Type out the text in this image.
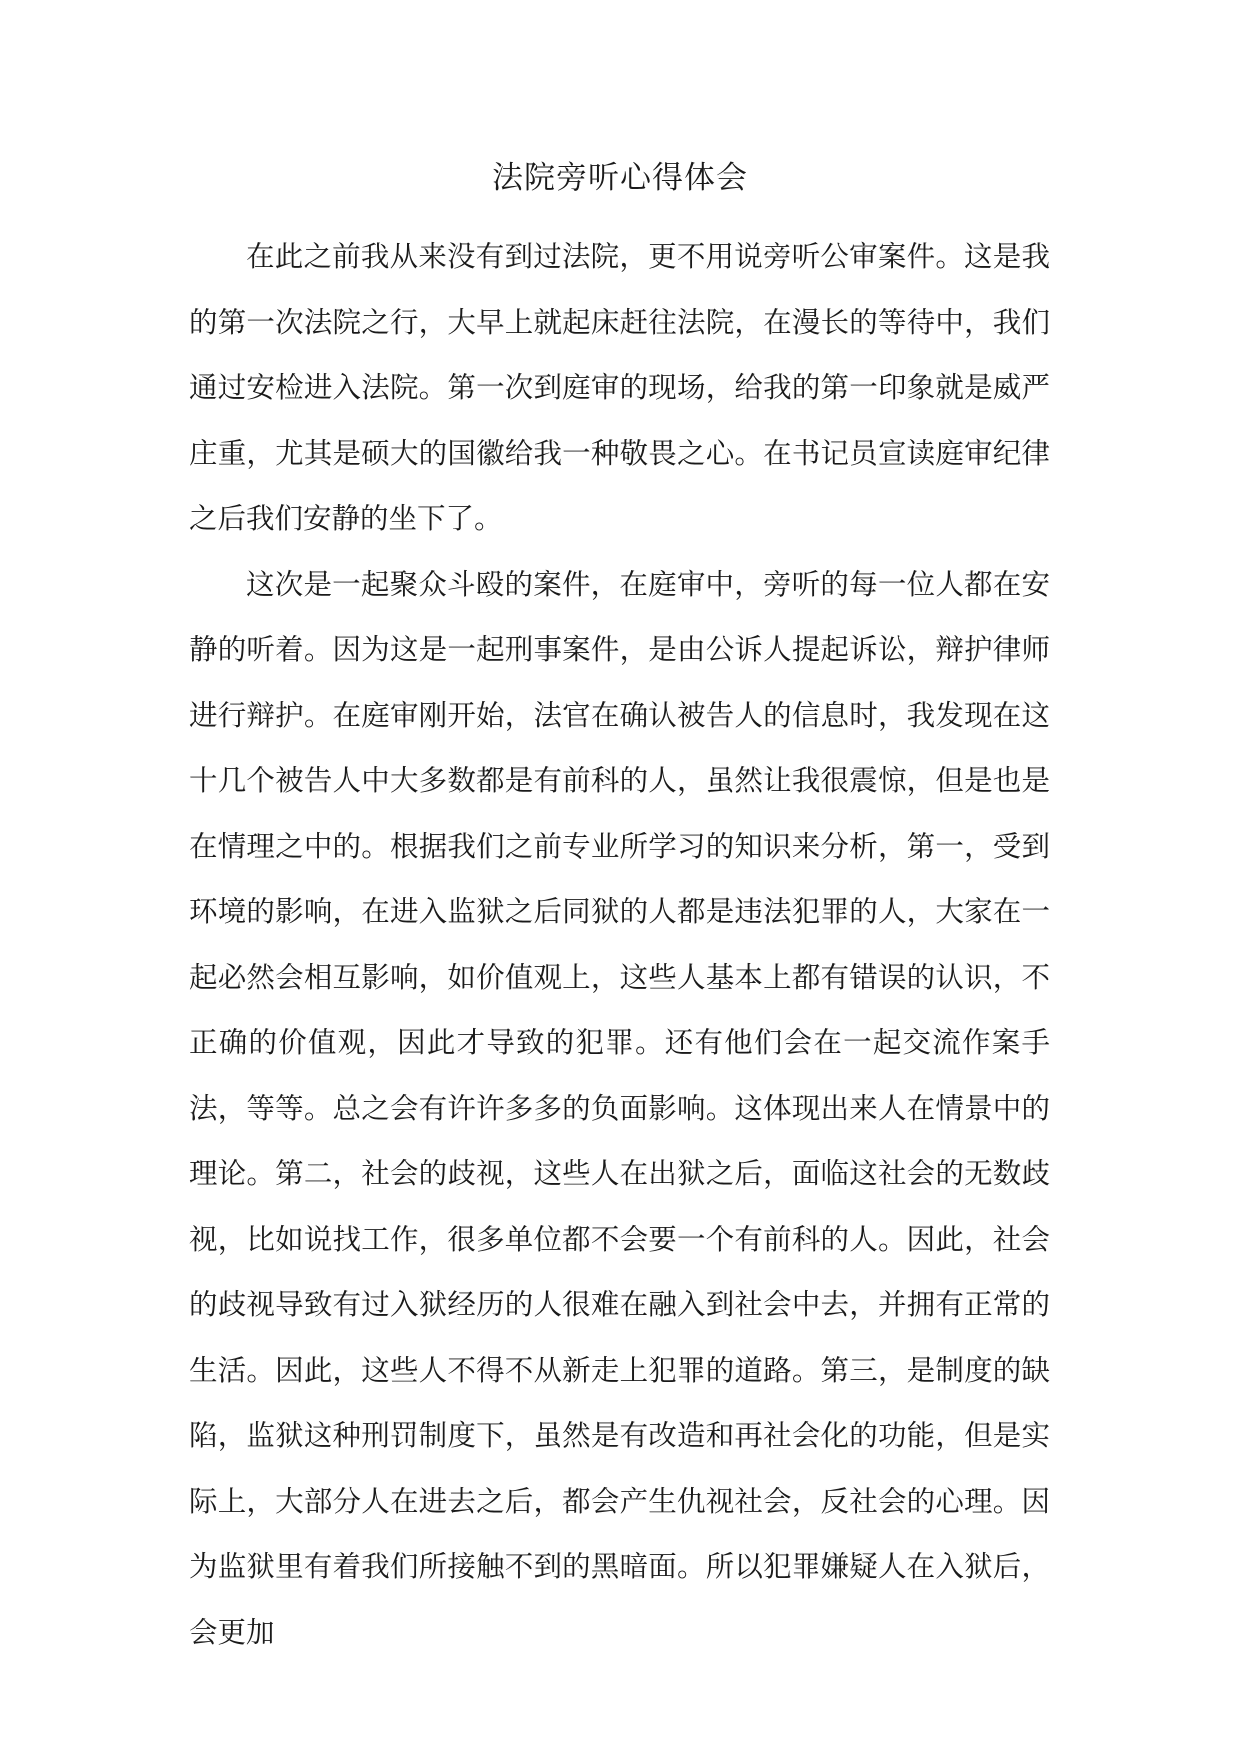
法院旁听心得体会

在此之前我从来没有到过法院，更不用说旁听公审案件。这是我的第一次法院之行，大早上就起床赶往法院，在漫长的等待中，我们通过安检进入法院。第一次到庭审的现场，给我的第一印象就是威严庄重，尤其是硕大的国徽给我一种敬畏之心。在书记员宣读庭审纪律之后我们安静的坐下了。

这次是一起聚众斗殴的案件，在庭审中，旁听的每一位人都在安静的听着。因为这是一起刑事案件，是由公诉人提起诉讼，辩护律师进行辩护。在庭审刚开始，法官在确认被告人的信息时，我发现在这十几个被告人中大多数都是有前科的人，虽然让我很震惊，但是也是在情理之中的。根据我们之前专业所学习的知识来分析，第一，受到环境的影响，在进入监狱之后同狱的人都是违法犯罪的人，大家在一起必然会相互影响，如价值观上，这些人基本上都有错误的认识，不正确的价值观，因此才导致的犯罪。还有他们会在一起交流作案手法，等等。总之会有许许多多的负面影响。这体现出来人在情景中的理论。第二，社会的歧视，这些人在出狱之后，面临这社会的无数歧视，比如说找工作，很多单位都不会要一个有前科的人。因此，社会的歧视导致有过入狱经历的人很难在融入到社会中去，并拥有正常的生活。因此，这些人不得不从新走上犯罪的道路。第三，是制度的缺陷，监狱这种刑罚制度下，虽然是有改造和再社会化的功能，但是实际上，大部分人在进去之后，都会产生仇视社会，反社会的心理。因为监狱里有着我们所接触不到的黑暗面。所以犯罪嫌疑人在入狱后，会更加
